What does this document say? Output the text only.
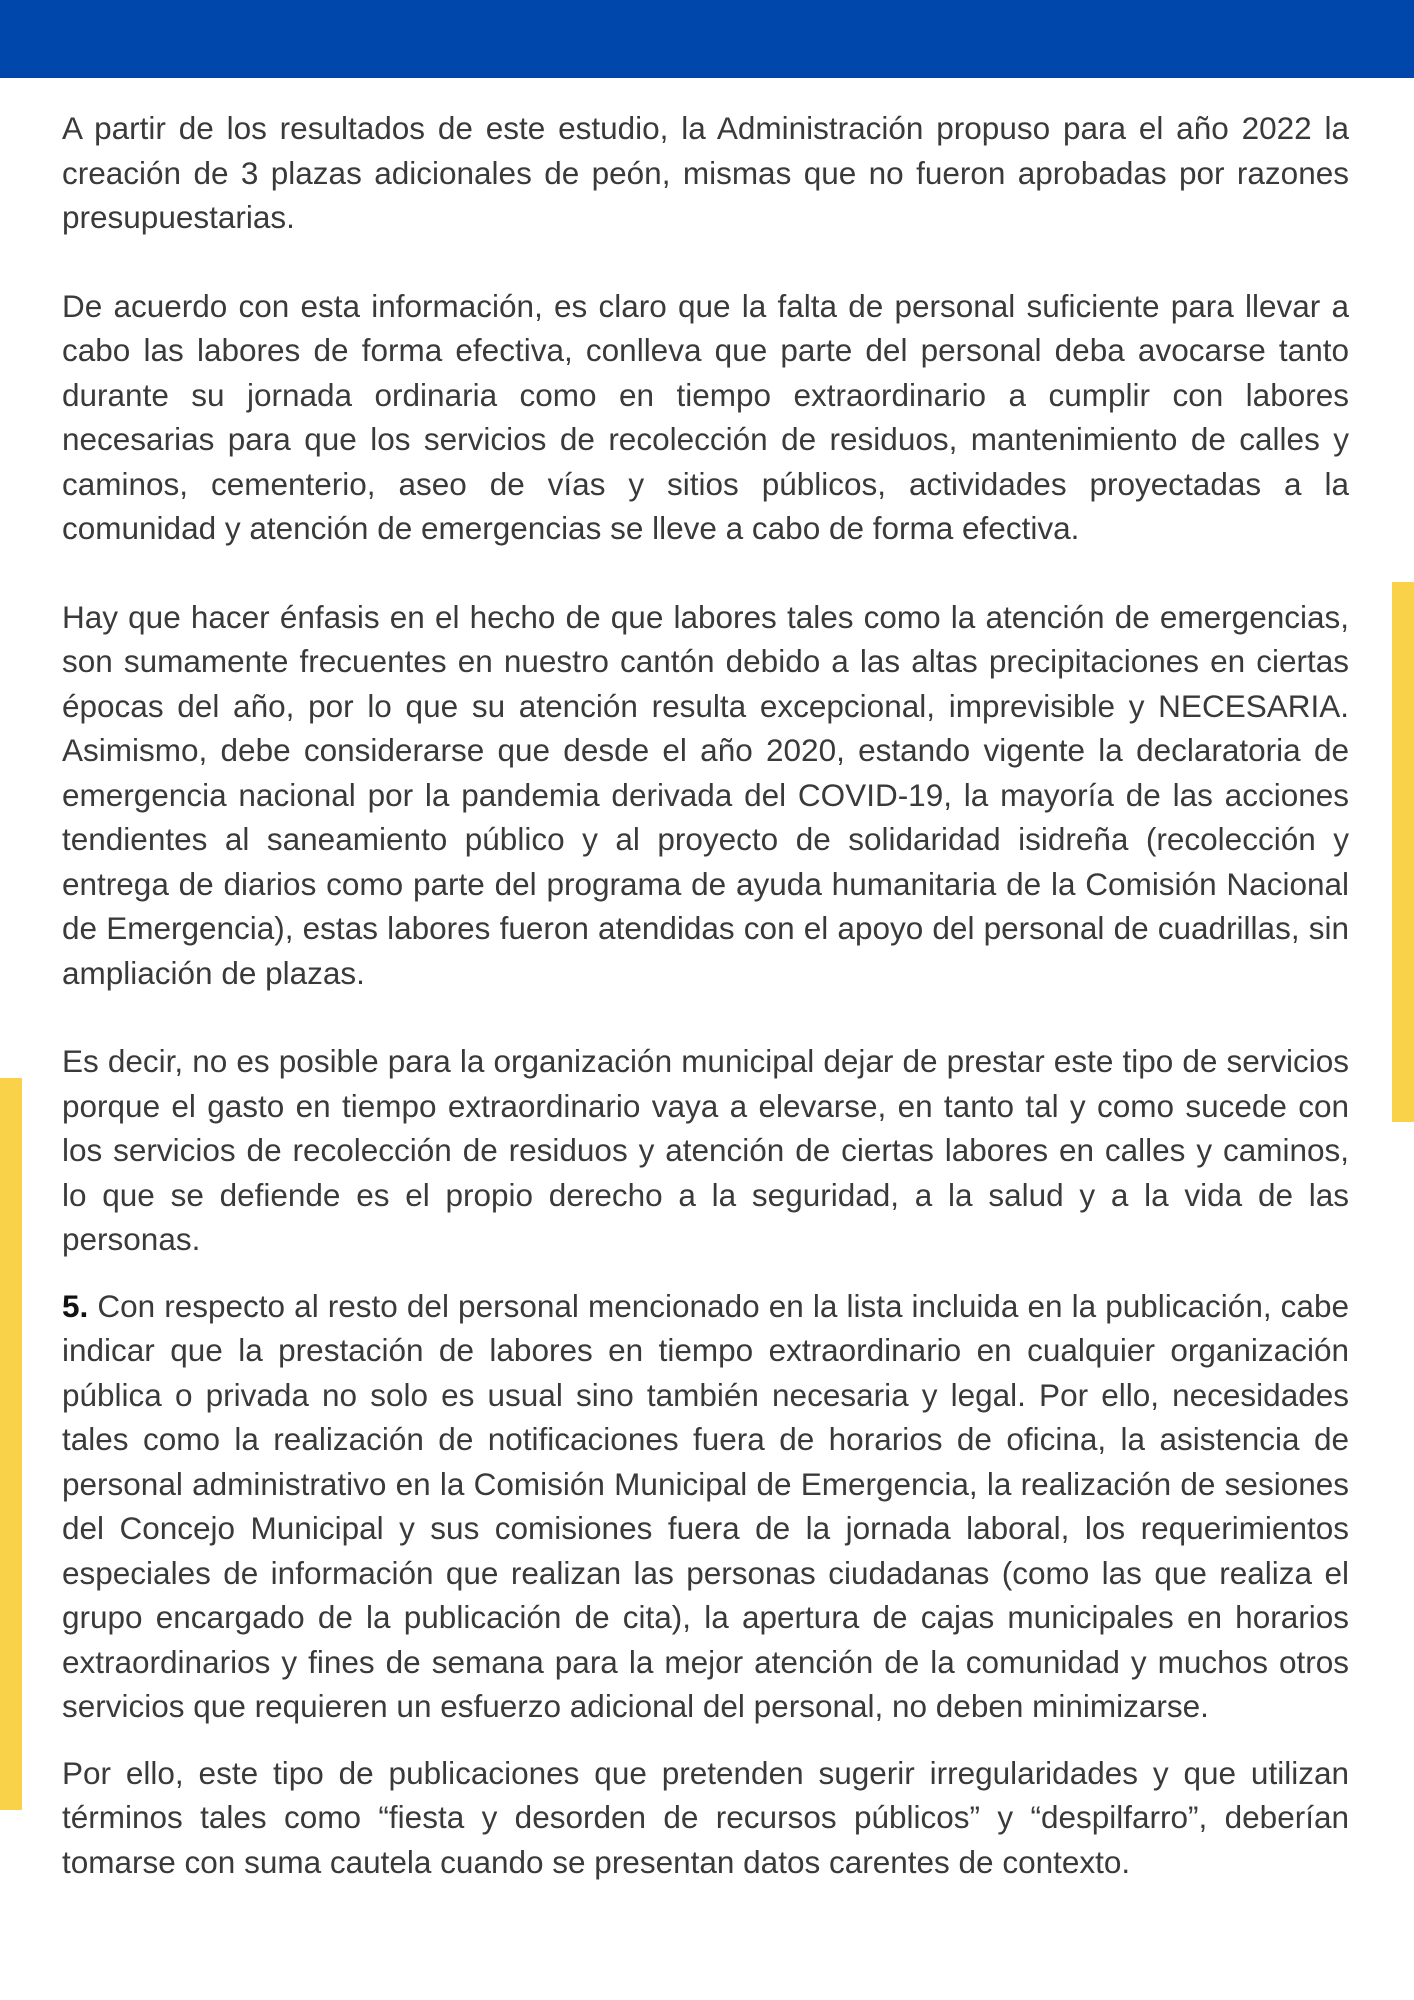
A partir de los resultados de este estudio, la Administración propuso para el año 2022 la creación de 3 plazas adicionales de peón, mismas que no fueron aprobadas por razones presupuestarias.

De acuerdo con esta información, es claro que la falta de personal suficiente para llevar a cabo las labores de forma efectiva, conlleva que parte del personal deba avocarse tanto durante su jornada ordinaria como en tiempo extraordinario a cumplir con labores necesarias para que los servicios de recolección de residuos, mantenimiento de calles y caminos, cementerio, aseo de vías y sitios públicos, actividades proyectadas a la comunidad y atención de emergencias se lleve a cabo de forma efectiva.

Hay que hacer énfasis en el hecho de que labores tales como la atención de emergencias, son sumamente frecuentes en nuestro cantón debido a las altas precipitaciones en ciertas épocas del año, por lo que su atención resulta excepcional, imprevisible y NECESARIA. Asimismo, debe considerarse que desde el año 2020, estando vigente la declaratoria de emergencia nacional por la pandemia derivada del COVID-19, la mayoría de las acciones tendientes al saneamiento público y al proyecto de solidaridad isidreña (recolección y entrega de diarios como parte del programa de ayuda humanitaria de la Comisión Nacional de Emergencia), estas labores fueron atendidas con el apoyo del personal de cuadrillas, sin ampliación de plazas.

Es decir, no es posible para la organización municipal dejar de prestar este tipo de servicios porque el gasto en tiempo extraordinario vaya a elevarse, en tanto tal y como sucede con los servicios de recolección de residuos y atención de ciertas labores en calles y caminos, lo que se defiende es el propio derecho a la seguridad, a la salud y a la vida de las personas.

5. Con respecto al resto del personal mencionado en la lista incluida en la publicación, cabe indicar que la prestación de labores en tiempo extraordinario en cualquier organización pública o privada no solo es usual sino también necesaria y legal. Por ello, necesidades tales como la realización de notificaciones fuera de horarios de oficina, la asistencia de personal administrativo en la Comisión Municipal de Emergencia, la realización de sesiones del Concejo Municipal y sus comisiones fuera de la jornada laboral, los requerimientos especiales de información que realizan las personas ciudadanas (como las que realiza el grupo encargado de la publicación de cita), la apertura de cajas municipales en horarios extraordinarios y fines de semana para la mejor atención de la comunidad y muchos otros servicios que requieren un esfuerzo adicional del personal, no deben minimizarse.

Por ello, este tipo de publicaciones que pretenden sugerir irregularidades y que utilizan términos tales como “fiesta y desorden de recursos públicos” y “despilfarro”, deberían tomarse con suma cautela cuando se presentan datos carentes de contexto.
